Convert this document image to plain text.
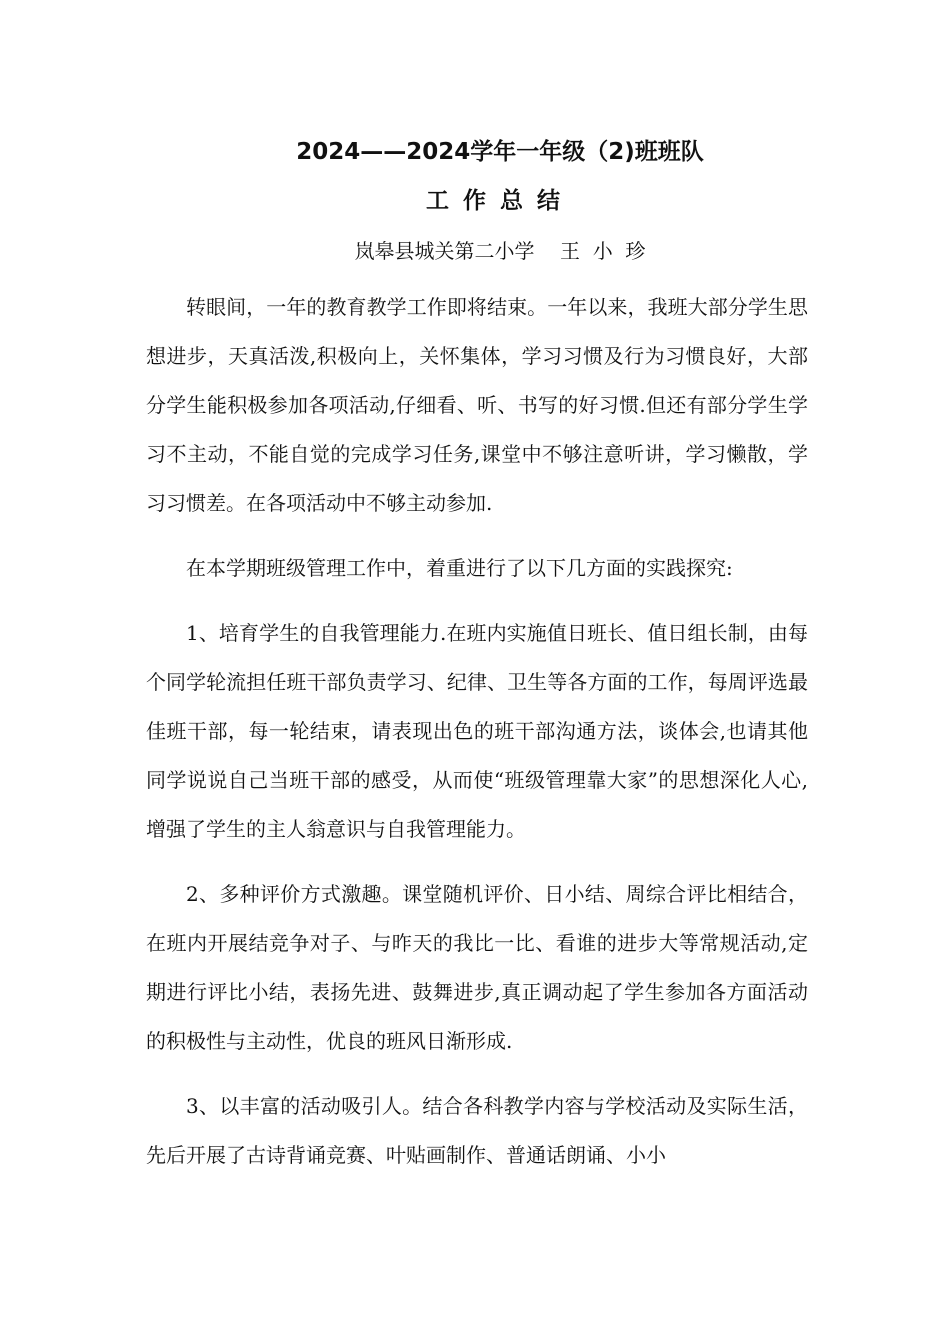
2024——2024学年一年级（2)班班队
工作总结

岚皋县城关第二小学    王  小  珍

转眼间，一年的教育教学工作即将结束。一年以来，我班大部分学生思想进步，天真活泼,积极向上，关怀集体，学习习惯及行为习惯良好，大部分学生能积极参加各项活动,仔细看、听、书写的好习惯.但还有部分学生学习不主动，不能自觉的完成学习任务,课堂中不够注意听讲，学习懒散，学习习惯差。在各项活动中不够主动参加.

在本学期班级管理工作中，着重进行了以下几方面的实践探究:

1、培育学生的自我管理能力.在班内实施值日班长、值日组长制，由每个同学轮流担任班干部负责学习、纪律、卫生等各方面的工作，每周评选最佳班干部，每一轮结束，请表现出色的班干部沟通方法，谈体会,也请其他同学说说自己当班干部的感受，从而使“班级管理靠大家”的思想深化人心,增强了学生的主人翁意识与自我管理能力。

2、多种评价方式激趣。课堂随机评价、日小结、周综合评比相结合，在班内开展结竞争对子、与昨天的我比一比、看谁的进步大等常规活动,定期进行评比小结，表扬先进、鼓舞进步,真正调动起了学生参加各方面活动的积极性与主动性，优良的班风日渐形成.

3、以丰富的活动吸引人。结合各科教学内容与学校活动及实际生活，先后开展了古诗背诵竞赛、叶贴画制作、普通话朗诵、小小
